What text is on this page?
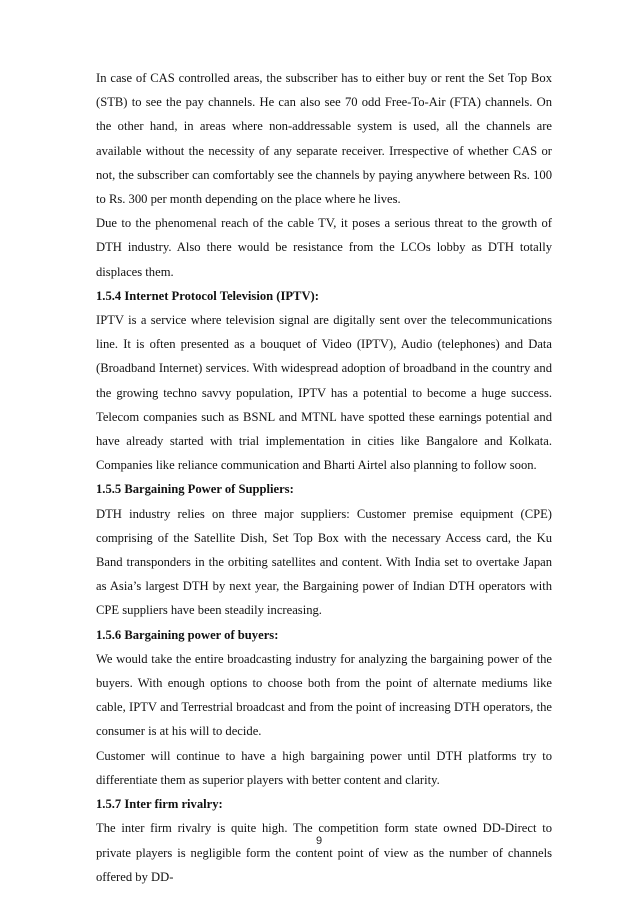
In case of CAS controlled areas, the subscriber has to either buy or rent the Set Top Box (STB) to see the pay channels. He can also see 70 odd Free-To-Air (FTA) channels. On the other hand, in areas where non-addressable system is used, all the channels are available without the necessity of any separate receiver. Irrespective of whether CAS or not, the subscriber can comfortably see the channels by paying anywhere between Rs. 100 to Rs. 300 per month depending on the place where he lives.

Due to the phenomenal reach of the cable TV, it poses a serious threat to the growth of DTH industry. Also there would be resistance from the LCOs lobby as DTH totally displaces them.

1.5.4 Internet Protocol Television (IPTV):

IPTV is a service where television signal are digitally sent over the telecommunications line. It is often presented as a bouquet of Video (IPTV), Audio (telephones) and Data (Broadband Internet) services. With widespread adoption of broadband in the country and the growing techno savvy population, IPTV has a potential to become a huge success. Telecom companies such as BSNL and MTNL have spotted these earnings potential and have already started with trial implementation in cities like Bangalore and Kolkata. Companies like reliance communication and Bharti Airtel also planning to follow soon.

1.5.5 Bargaining Power of Suppliers:

DTH industry relies on three major suppliers: Customer premise equipment (CPE) comprising of the Satellite Dish, Set Top Box with the necessary Access card, the Ku Band transponders in the orbiting satellites and content. With India set to overtake Japan as Asia’s largest DTH by next year, the Bargaining power of Indian DTH operators with CPE suppliers have been steadily increasing.

1.5.6 Bargaining power of buyers:

We would take the entire broadcasting industry for analyzing the bargaining power of the buyers. With enough options to choose both from the point of alternate mediums like cable, IPTV and Terrestrial broadcast and from the point of increasing DTH operators, the consumer is at his will to decide.

Customer will continue to have a high bargaining power until DTH platforms try to differentiate them as superior players with better content and clarity.

1.5.7 Inter firm rivalry:

The inter firm rivalry is quite high. The competition form state owned DD-Direct to private players is negligible form the content point of view as the number of channels offered by DD-

9
